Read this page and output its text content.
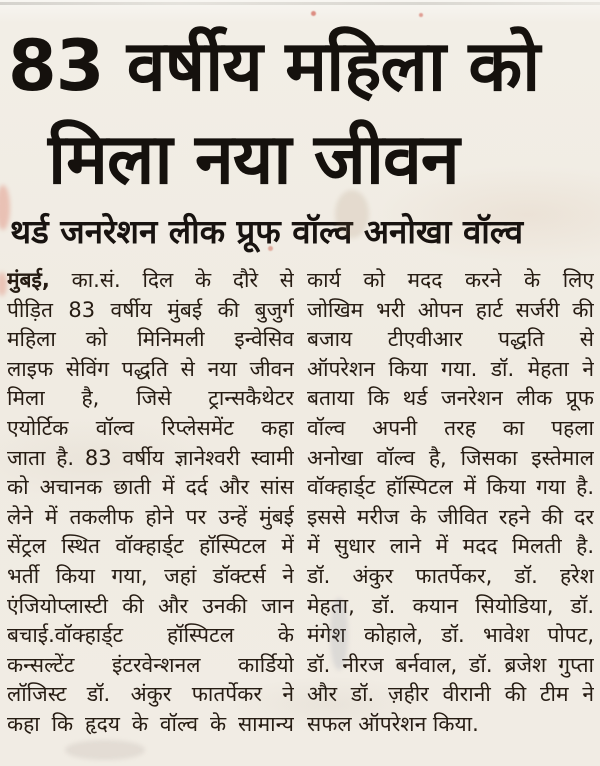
83 वर्षीय महिला को
मिला नया जीवन
थर्ड जनरेशन लीक प्रूफ वॉल्व अनोखा वॉल्व
मुंबई, का.सं. दिल के दौरे से
पीड़ित 83 वर्षीय मुंबई की बुजुर्ग
महिला को मिनिमली इन्वेसिव
लाइफ सेविंग पद्धति से नया जीवन
मिला है, जिसे ट्रान्सकैथेटर
एयोर्टिक वॉल्व रिप्लेसमेंट कहा
जाता है. 83 वर्षीय ज्ञानेश्वरी स्वामी
को अचानक छाती में दर्द और सांस
लेने में तकलीफ होने पर उन्हें मुंबई
सेंट्रल स्थित वॉक्हार्ड्ट हॉस्पिटल में
भर्ती किया गया, जहां डॉक्टर्स ने
एंजियोप्लास्टी की और उनकी जान
बचाई.वॉक्हार्ड्ट हॉस्पिटल के
कन्सल्टेंट इंटरवेन्शनल कार्डियो
लॉजिस्ट डॉ. अंकुर फातर्पेकर ने
कहा कि हृदय के वॉल्व के सामान्य
कार्य को मदद करने के लिए
जोखिम भरी ओपन हार्ट सर्जरी की
बजाय टीएवीआर पद्धति से
ऑपरेशन किया गया. डॉ. मेहता ने
बताया कि थर्ड जनरेशन लीक प्रूफ
वॉल्व अपनी तरह का पहला
अनोखा वॉल्व है, जिसका इस्तेमाल
वॉक्हार्ड्ट हॉस्पिटल में किया गया है.
इससे मरीज के जीवित रहने की दर
में सुधार लाने में मदद मिलती है.
डॉ. अंकुर फातर्पेकर, डॉ. हरेश
मेहता, डॉ. कयान सियोडिया, डॉ.
मंगेश कोहाले, डॉ. भावेश पोपट,
डॉ. नीरज बर्नवाल, डॉ. ब्रजेश गुप्ता
और डॉ. ज़हीर वीरानी की टीम ने
सफल ऑपरेशन किया.
